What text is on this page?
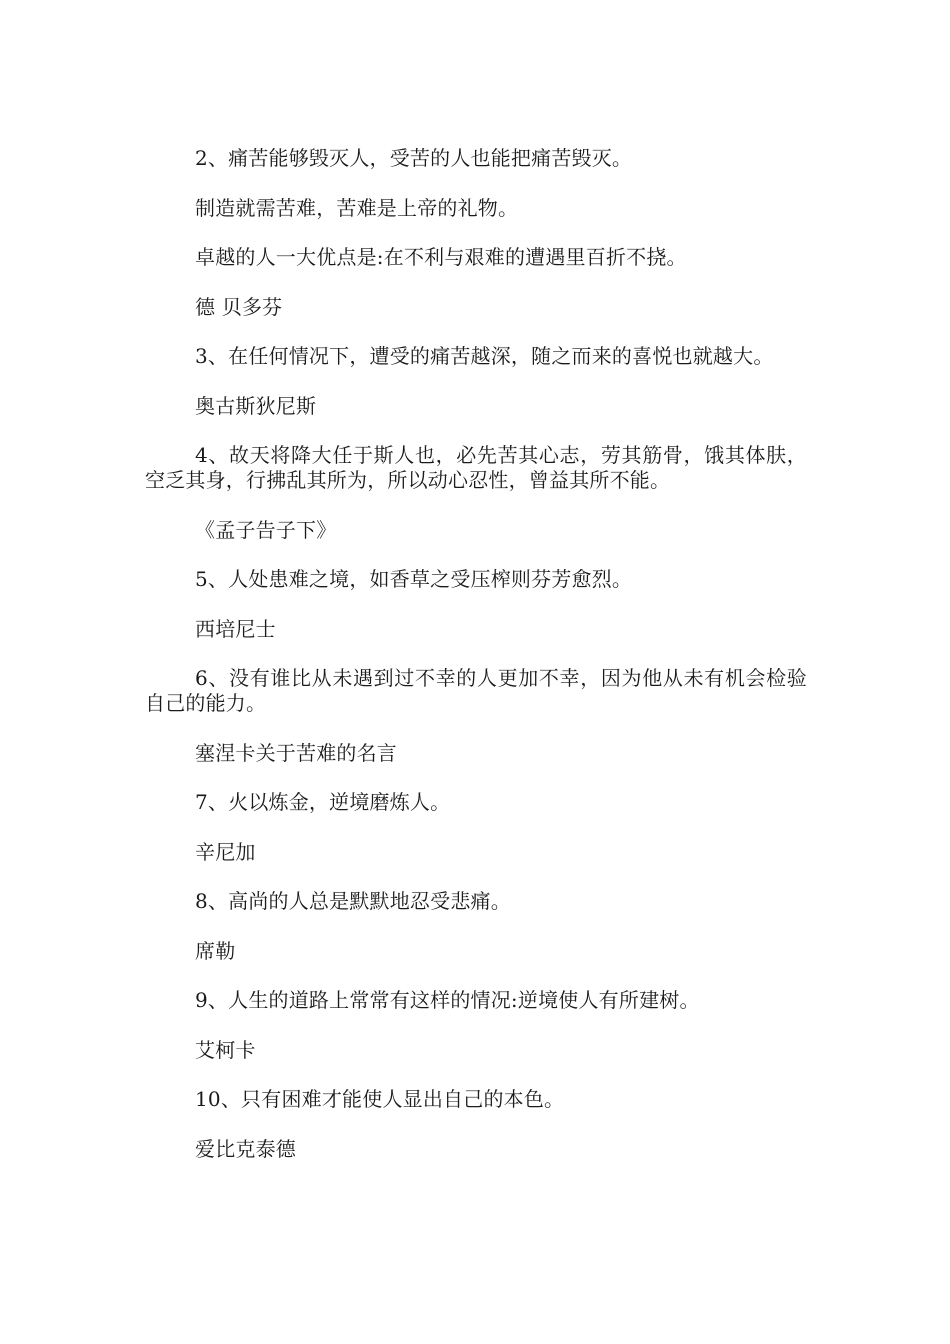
2、痛苦能够毁灭人，受苦的人也能把痛苦毁灭。

制造就需苦难，苦难是上帝的礼物。

卓越的人一大优点是:在不利与艰难的遭遇里百折不挠。

德 贝多芬

3、在任何情况下，遭受的痛苦越深，随之而来的喜悦也就越大。

奥古斯狄尼斯

4、故天将降大任于斯人也，必先苦其心志，劳其筋骨，饿其体肤，空乏其身，行拂乱其所为，所以动心忍性，曾益其所不能。

《孟子告子下》

5、人处患难之境，如香草之受压榨则芬芳愈烈。

西培尼士

6、没有谁比从未遇到过不幸的人更加不幸，因为他从未有机会检验自己的能力。

塞涅卡关于苦难的名言

7、火以炼金，逆境磨炼人。

辛尼加

8、高尚的人总是默默地忍受悲痛。

席勒

9、人生的道路上常常有这样的情况:逆境使人有所建树。

艾柯卡

10、只有困难才能使人显出自己的本色。

爱比克泰德
